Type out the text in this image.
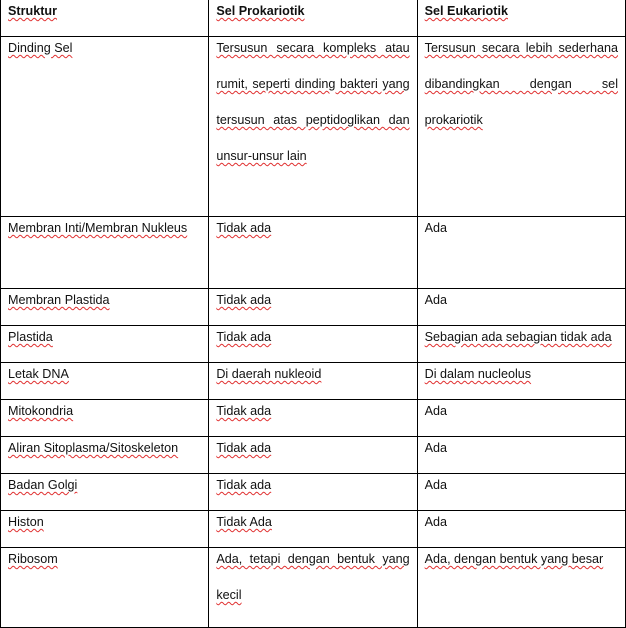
Struktur	Sel Prokariotik	Sel Eukariotik

Dinding Sel	Tersusun secara kompleks atau rumit, seperti dinding bakteri yang tersusun atas peptidoglikan dan unsur-unsur lain	Tersusun secara lebih sederhana dibandingkan dengan sel prokariotik

Membran Inti/Membran Nukleus	Tidak ada	Ada

Membran Plastida	Tidak ada	Ada

Plastida	Tidak ada	Sebagian ada sebagian tidak ada

Letak DNA	Di daerah nukleoid	Di dalam nucleolus

Mitokondria	Tidak ada	Ada

Aliran Sitoplasma/Sitoskeleton	Tidak ada	Ada

Badan Golgi	Tidak ada	Ada

Histon	Tidak Ada	Ada

Ribosom	Ada, tetapi dengan bentuk yang kecil	Ada, dengan bentuk yang besar
